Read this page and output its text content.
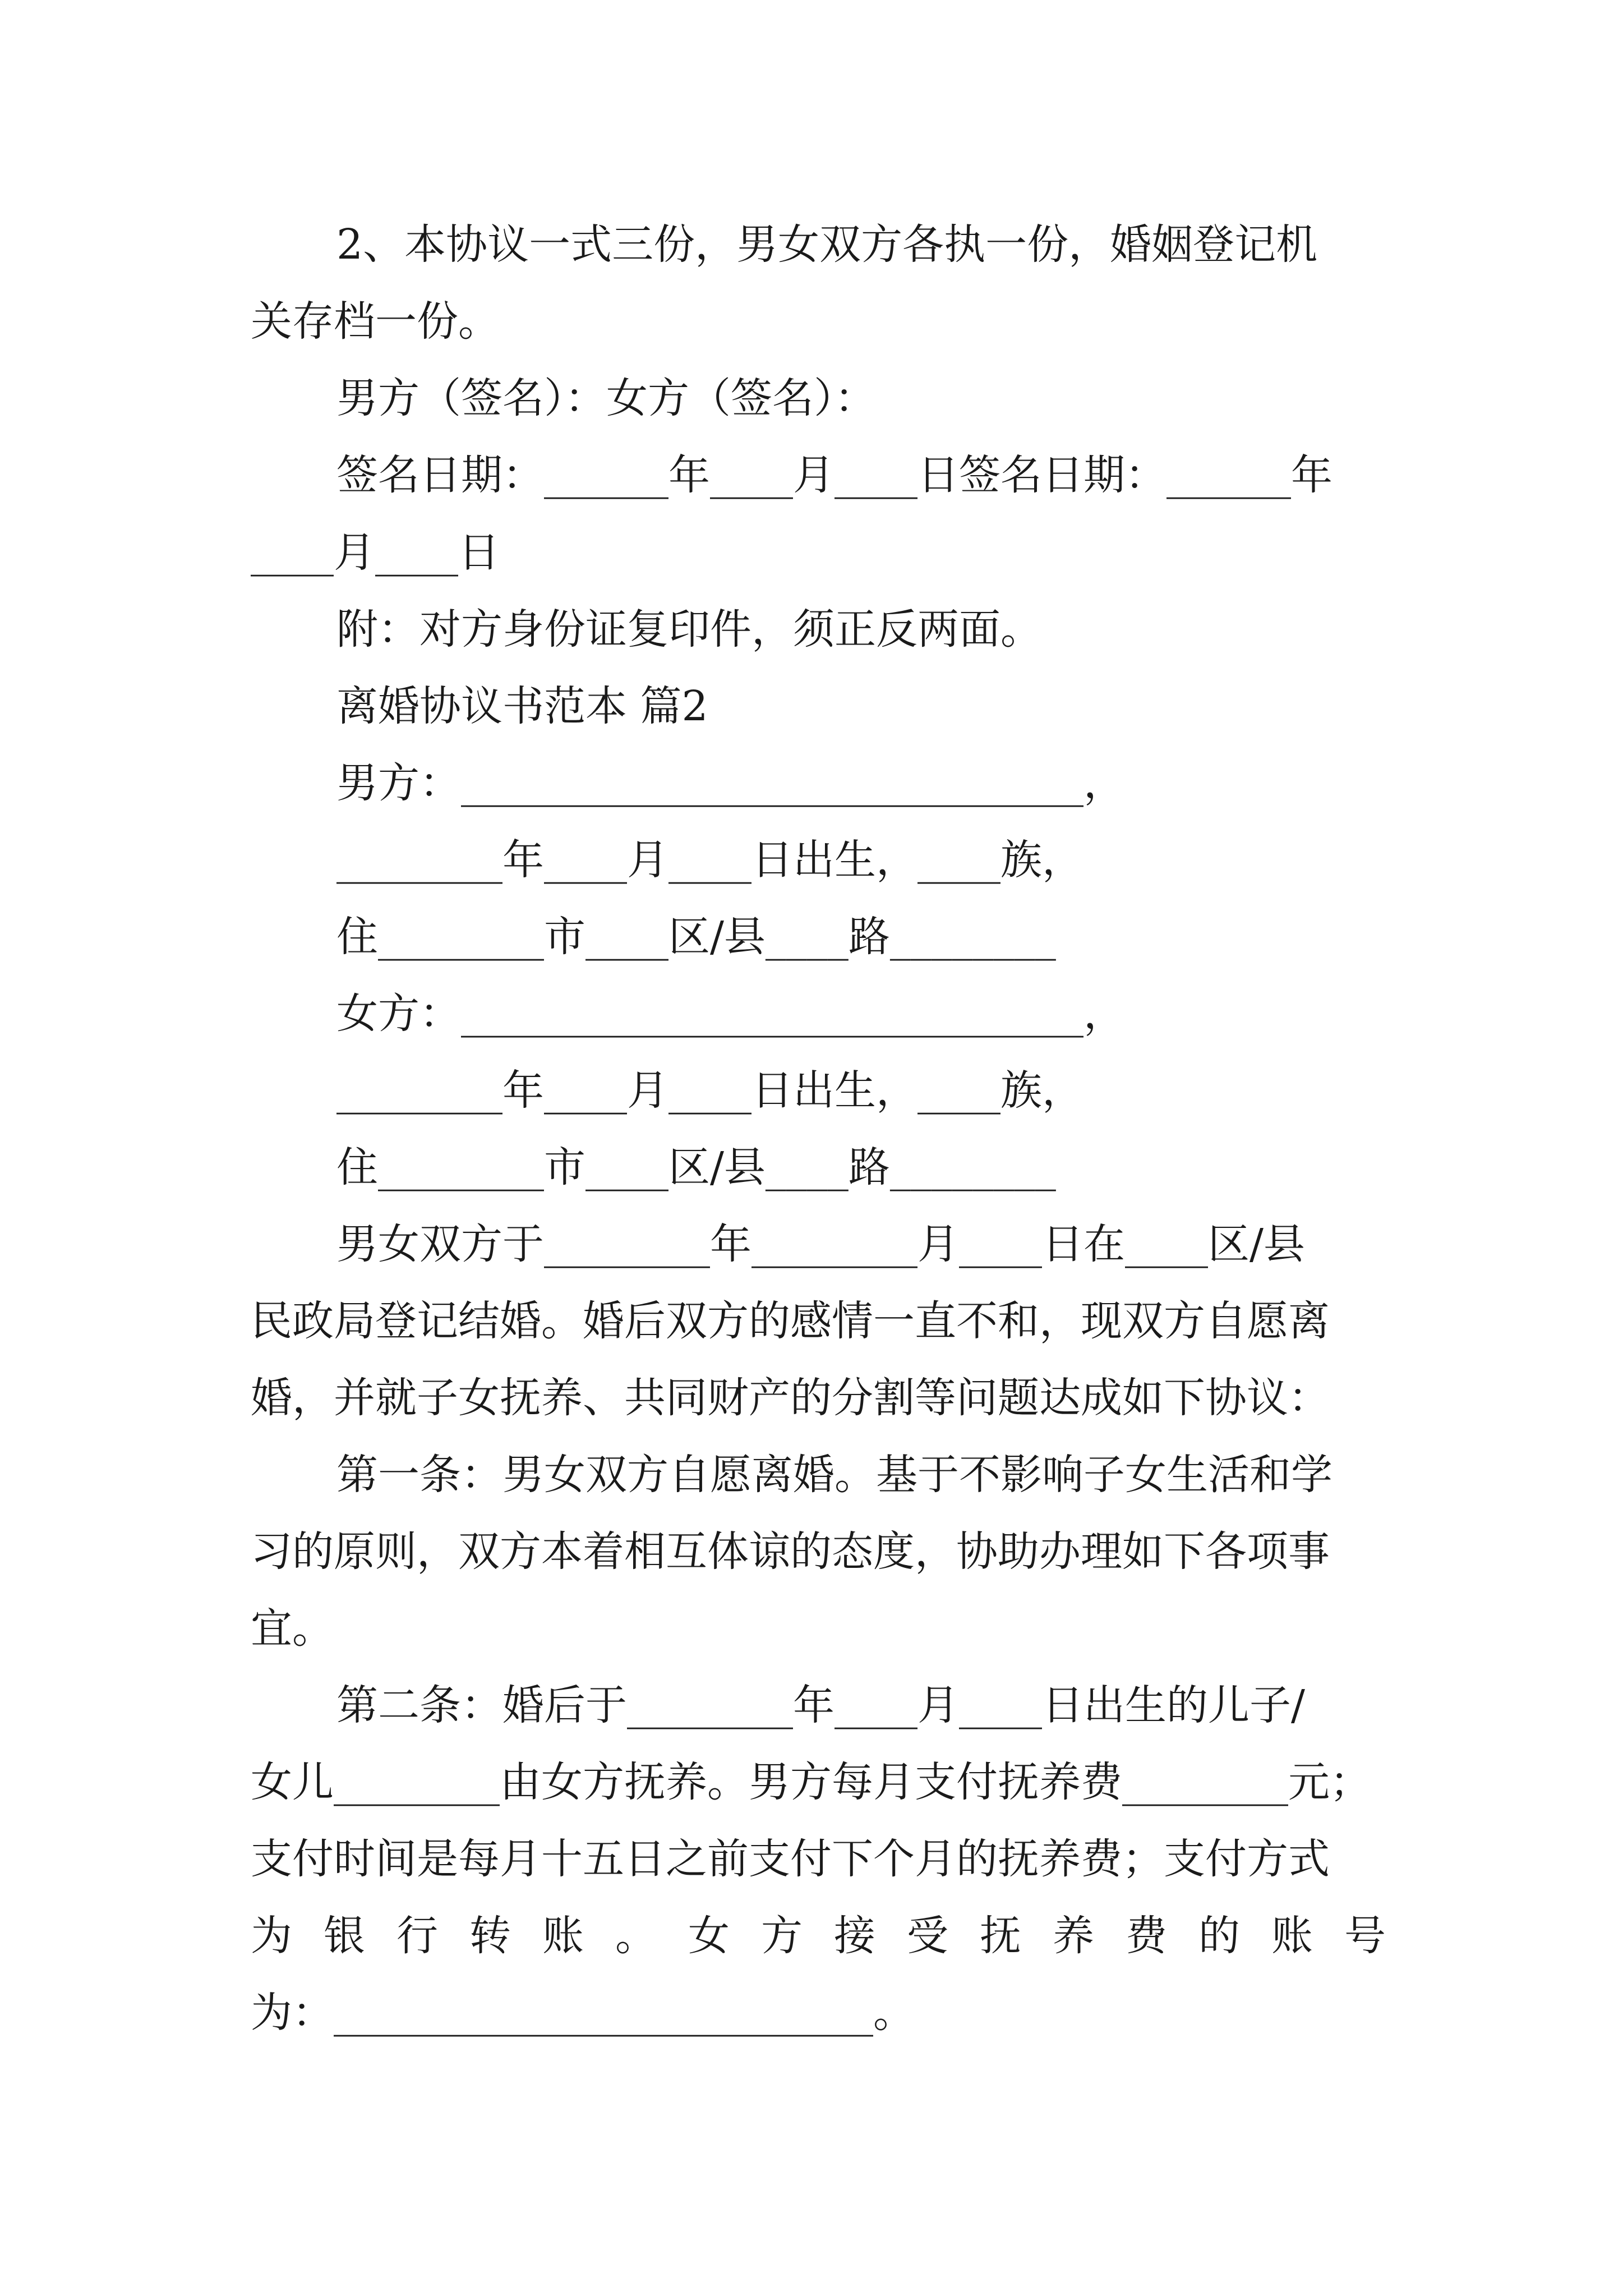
2、本协议一式三份，男女双方各执一份，婚姻登记机

关存档一份。

男方（签名）：女方（签名）：

签名日期：______年____月____日签名日期：______年

____月____日

附：对方身份证复印件，须正反两面。

离婚协议书范本 篇2

男方：______________________________，

________年____月____日出生，____族，

住________市____区/县____路________

女方：______________________________，

________年____月____日出生，____族，

住________市____区/县____路________

男女双方于________年________月____日在____区/县

民政局登记结婚。婚后双方的感情一直不和，现双方自愿离

婚，并就子女抚养、共同财产的分割等问题达成如下协议：

第一条：男女双方自愿离婚。基于不影响子女生活和学

习的原则，双方本着相互体谅的态度，协助办理如下各项事

宜。

第二条：婚后于________年____月____日出生的儿子/

女儿________由女方抚养。男方每月支付抚养费________元；

支付时间是每月十五日之前支付下个月的抚养费；支付方式

为银行转账。女方接受抚养费的账号

为：__________________________。
